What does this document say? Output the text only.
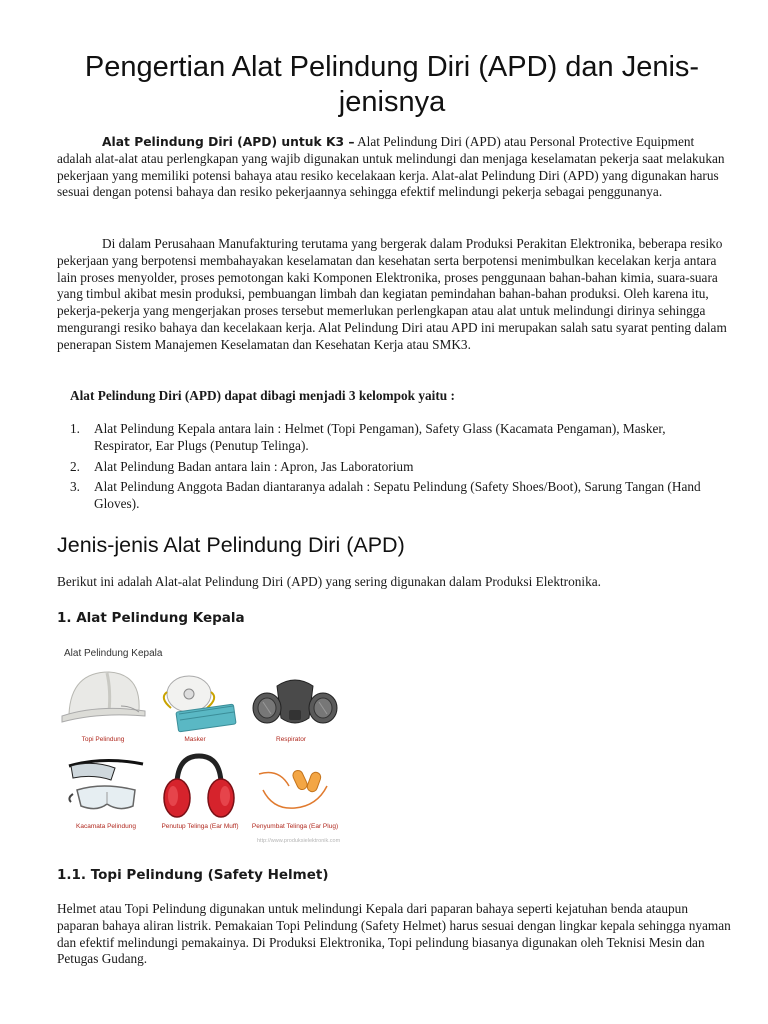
Pengertian Alat Pelindung Diri (APD) dan Jenis-jenisnya
Alat Pelindung Diri (APD) untuk K3 – Alat Pelindung Diri (APD) atau Personal Protective Equipment adalah alat-alat atau perlengkapan yang wajib digunakan untuk melindungi dan menjaga keselamatan pekerja saat melakukan pekerjaan yang memiliki potensi bahaya atau resiko kecelakaan kerja. Alat-alat Pelindung Diri (APD) yang digunakan harus sesuai dengan potensi bahaya dan resiko pekerjaannya sehingga efektif melindungi pekerja sebagai penggunanya.
Di dalam Perusahaan Manufakturing terutama yang bergerak dalam Produksi Perakitan Elektronika, beberapa resiko pekerjaan yang berpotensi membahayakan keselamatan dan kesehatan serta berpotensi menimbulkan kecelakan kerja antara lain proses menyolder, proses pemotongan kaki Komponen Elektronika, proses penggunaan bahan-bahan kimia, suara-suara yang timbul akibat mesin produksi, pembuangan limbah dan kegiatan pemindahan bahan-bahan produksi. Oleh karena itu, pekerja-pekerja yang mengerjakan proses tersebut memerlukan perlengkapan atau alat untuk melindungi dirinya sehingga mengurangi resiko bahaya dan kecelakaan kerja. Alat Pelindung Diri atau APD ini merupakan salah satu syarat penting dalam penerapan Sistem Manajemen Keselamatan dan Kesehatan Kerja atau SMK3.
Alat Pelindung Diri (APD) dapat dibagi menjadi 3 kelompok yaitu :
1. Alat Pelindung Kepala antara lain : Helmet (Topi Pengaman), Safety Glass (Kacamata Pengaman), Masker, Respirator, Ear Plugs (Penutup Telinga).
2. Alat Pelindung Badan antara lain : Apron, Jas Laboratorium
3. Alat Pelindung Anggota Badan diantaranya adalah : Sepatu Pelindung (Safety Shoes/Boot), Sarung Tangan (Hand Gloves).
Jenis-jenis Alat Pelindung Diri (APD)
Berikut ini adalah Alat-alat Pelindung Diri (APD) yang sering digunakan dalam Produksi Elektronika.
1. Alat Pelindung Kepala
Alat Pelindung Kepala
Topi Pelindung	Masker	Respirator
Kacamata Pelindung	Penutup Telinga (Ear Muff)	Penyumbat Telinga (Ear Plug)
http://www.produksielektronik.com
1.1. Topi Pelindung (Safety Helmet)
Helmet atau Topi Pelindung digunakan untuk melindungi Kepala dari paparan bahaya seperti kejatuhan benda ataupun paparan bahaya aliran listrik. Pemakaian Topi Pelindung (Safety Helmet) harus sesuai dengan lingkar kepala sehingga nyaman dan efektif melindungi pemakainya. Di Produksi Elektronika, Topi pelindung biasanya digunakan oleh Teknisi Mesin dan Petugas Gudang.
